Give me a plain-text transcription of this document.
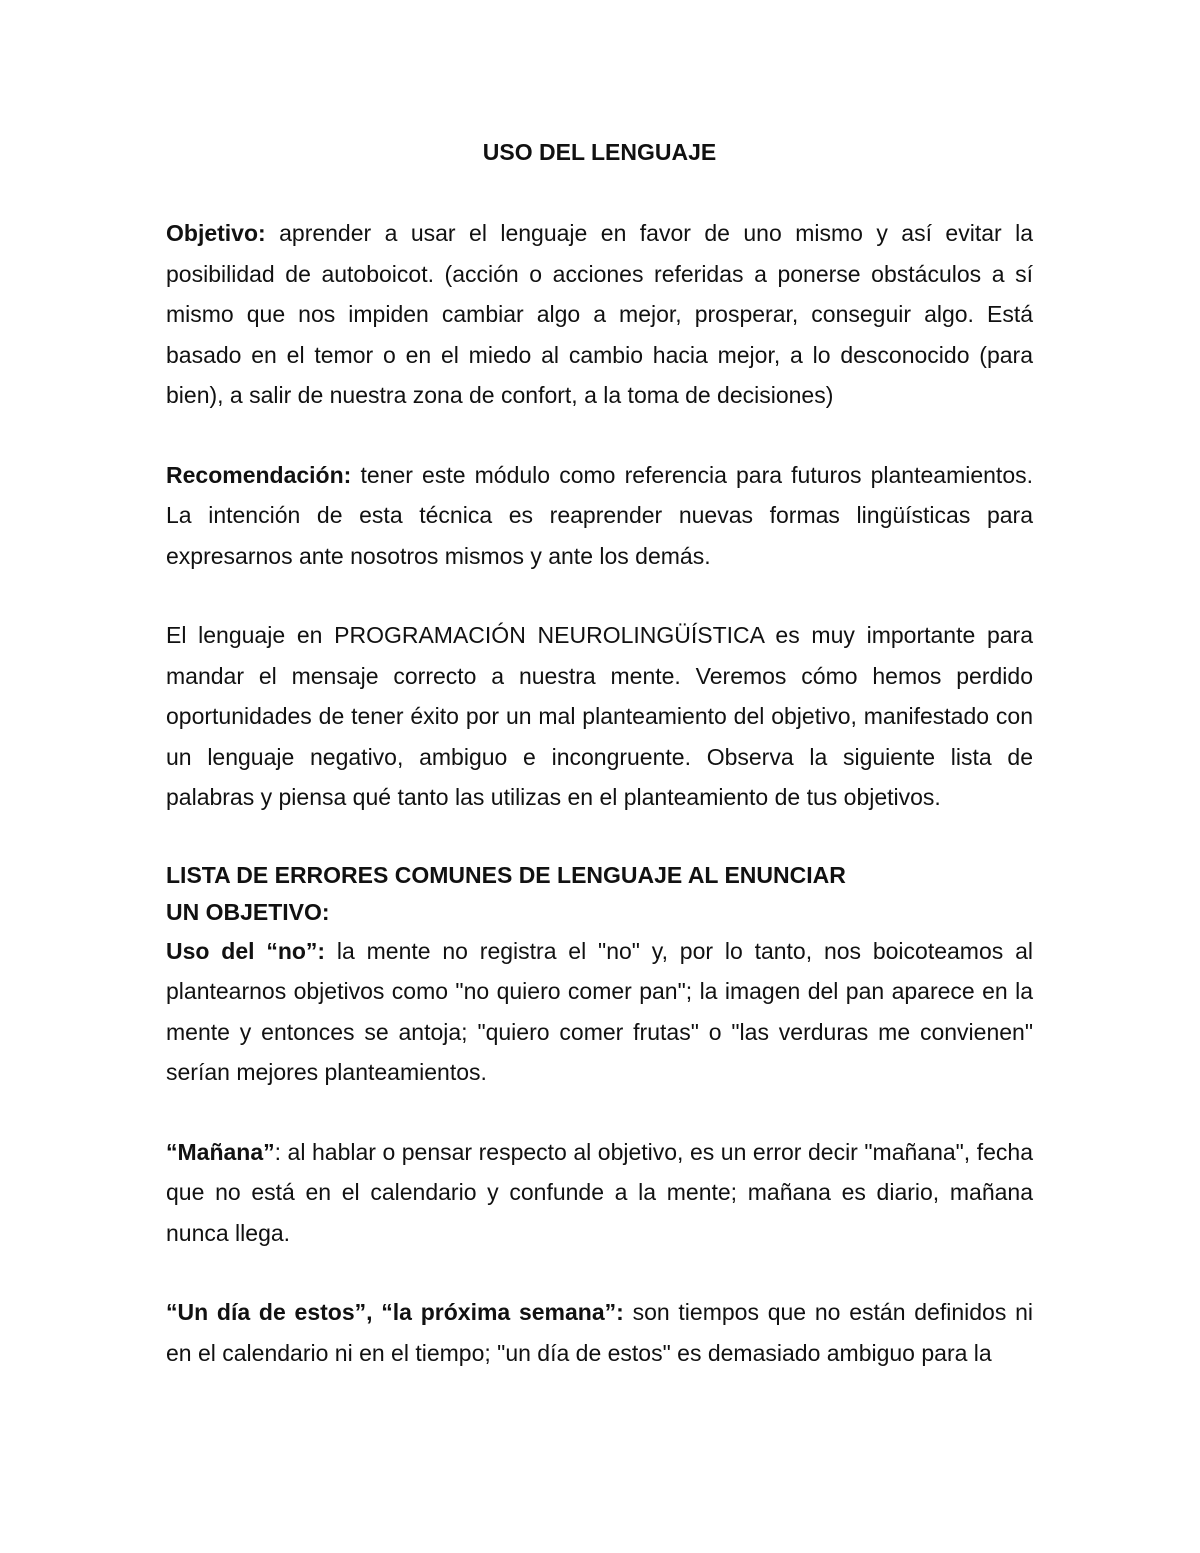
USO DEL LENGUAJE

Objetivo: aprender a usar el lenguaje en favor de uno mismo y así evitar la posibilidad de autoboicot. (acción o acciones referidas a ponerse obstáculos a sí mismo que nos impiden cambiar algo a mejor, prosperar, conseguir algo. Está basado en el temor o en el miedo al cambio hacia mejor, a lo desconocido (para bien), a salir de nuestra zona de confort, a la toma de decisiones)

Recomendación: tener este módulo como referencia para futuros planteamientos. La intención de esta técnica es reaprender nuevas formas lingüísticas para expresarnos ante nosotros mismos y ante los demás.

El lenguaje en PROGRAMACIÓN NEUROLINGÜÍSTICA es muy importante para mandar el mensaje correcto a nuestra mente. Veremos cómo hemos perdido oportunidades de tener éxito por un mal planteamiento del objetivo, manifestado con un lenguaje negativo, ambiguo e incongruente. Observa la siguiente lista de palabras y piensa qué tanto las utilizas en el planteamiento de tus objetivos.

LISTA DE ERRORES COMUNES DE LENGUAJE AL ENUNCIAR
UN OBJETIVO:

Uso del “no”: la mente no registra el "no" y, por lo tanto, nos boicoteamos al plantearnos objetivos como "no quiero comer pan"; la imagen del pan aparece en la mente y entonces se antoja; "quiero comer frutas" o "las verduras me convienen" serían mejores planteamientos.

“Mañana”: al hablar o pensar respecto al objetivo, es un error decir "mañana", fecha que no está en el calendario y confunde a la mente; mañana es diario, mañana nunca llega.

“Un día de estos”, “la próxima semana”: son tiempos que no están definidos ni en el calendario ni en el tiempo; "un día de estos" es demasiado ambiguo para la
